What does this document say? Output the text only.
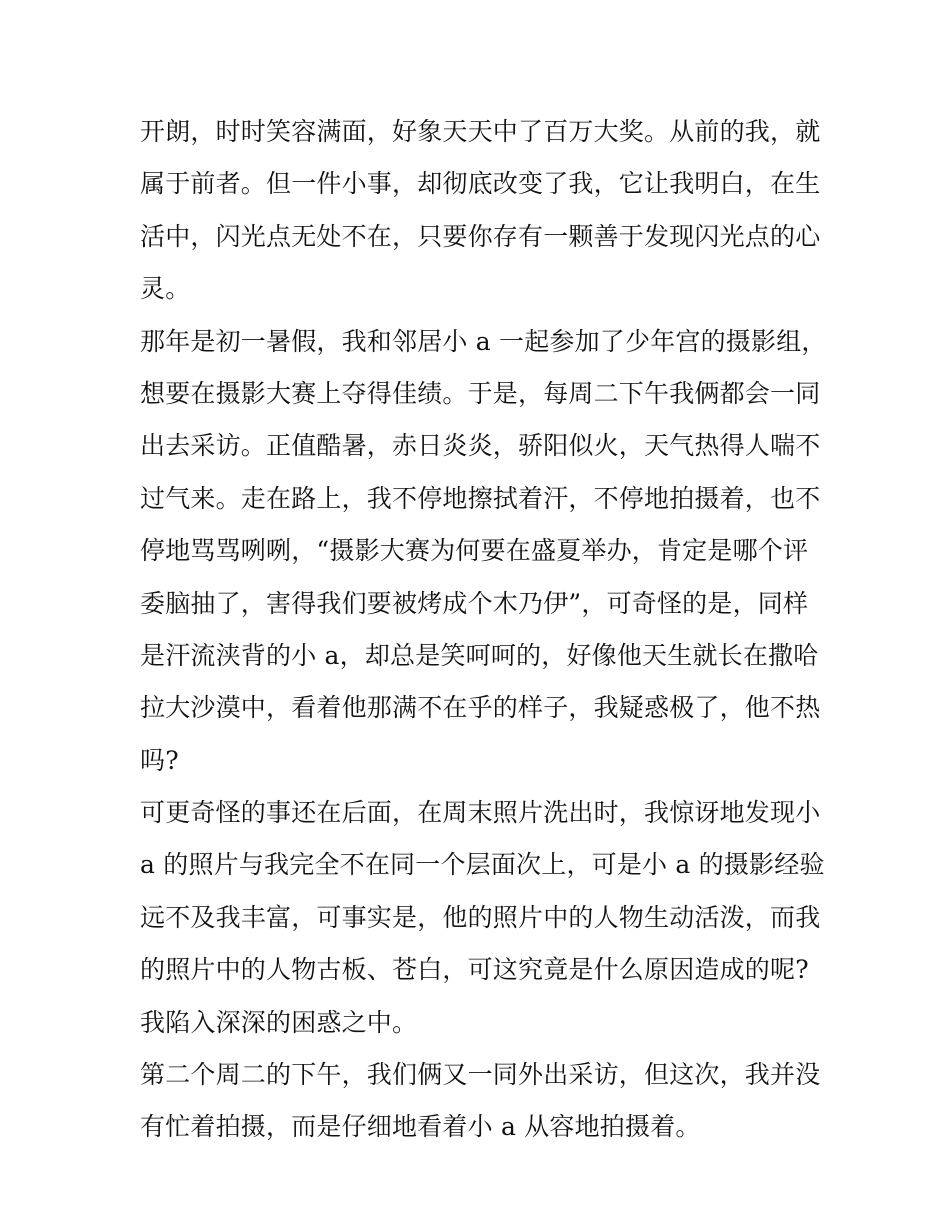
开朗，时时笑容满面，好象天天中了百万大奖。从前的我，就
属于前者。但一件小事，却彻底改变了我，它让我明白，在生
活中，闪光点无处不在，只要你存有一颗善于发现闪光点的心
灵。
那年是初一暑假，我和邻居小 a 一起参加了少年宫的摄影组，
想要在摄影大赛上夺得佳绩。于是，每周二下午我俩都会一同
出去采访。正值酷暑，赤日炎炎，骄阳似火，天气热得人喘不
过气来。走在路上，我不停地擦拭着汗，不停地拍摄着，也不
停地骂骂咧咧，“摄影大赛为何要在盛夏举办，肯定是哪个评
委脑抽了，害得我们要被烤成个木乃伊”，可奇怪的是，同样
是汗流浃背的小 a，却总是笑呵呵的，好像他天生就长在撒哈
拉大沙漠中，看着他那满不在乎的样子，我疑惑极了，他不热
吗?
可更奇怪的事还在后面，在周末照片洗出时，我惊讶地发现小
a 的照片与我完全不在同一个层面次上，可是小 a 的摄影经验
远不及我丰富，可事实是，他的照片中的人物生动活泼，而我
的照片中的人物古板、苍白，可这究竟是什么原因造成的呢?
我陷入深深的困惑之中。
第二个周二的下午，我们俩又一同外出采访，但这次，我并没
有忙着拍摄，而是仔细地看着小 a 从容地拍摄着。
